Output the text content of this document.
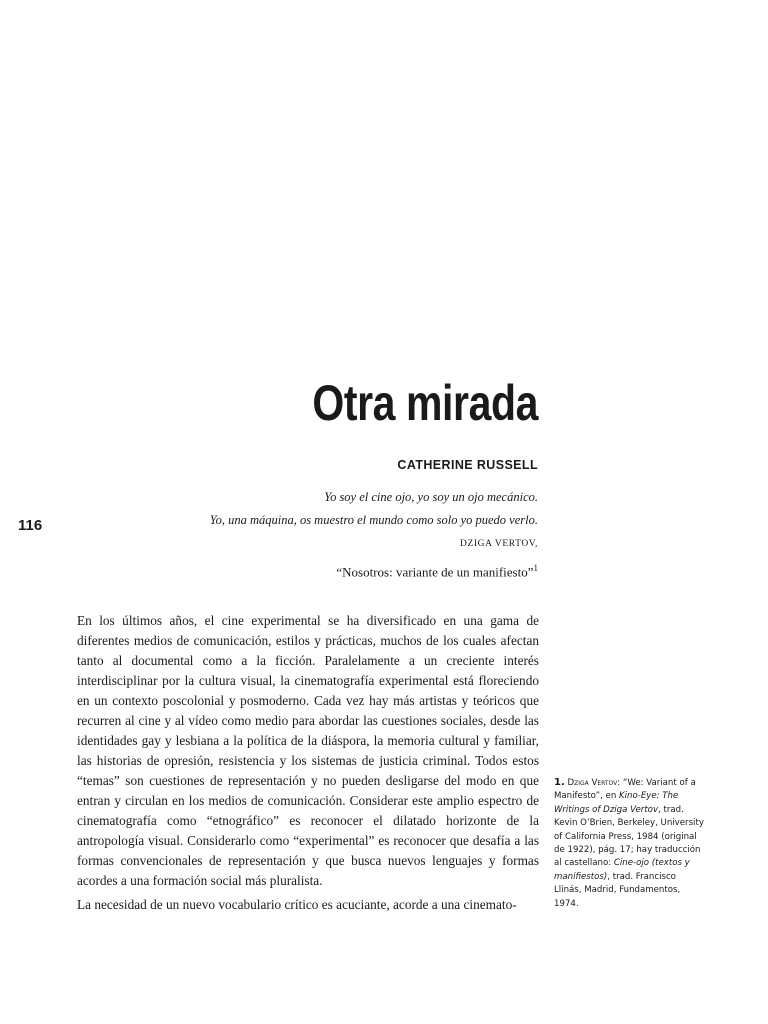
116
Otra mirada
CATHERINE RUSSELL
Yo soy el cine ojo, yo soy un ojo mecánico.
Yo, una máquina, os muestro el mundo como solo yo puedo verlo.
DZIGA VERTOV,
“Nosotros: variante de un manifiesto”$^1$

En los últimos años, el cine experimental se ha diversificado en una gama de diferentes medios de comunicación, estilos y prácticas, muchos de los cuales afectan tanto al documental como a la ficción. Paralelamente a un creciente interés interdisciplinar por la cultura visual, la cinematografía experimental está floreciendo en un contexto poscolonial y posmoderno. Cada vez hay más artistas y teóricos que recurren al cine y al vídeo como medio para abordar las cuestiones sociales, desde las identidades gay y lesbiana a la política de la diáspora, la memoria cultural y familiar, las historias de opresión, resistencia y los sistemas de justicia criminal. Todos estos “temas” son cuestiones de representación y no pueden desligarse del modo en que entran y circulan en los medios de comunicación. Considerar este amplio espectro de cinematografía como “etnográfico” es reconocer el dilatado horizonte de la antropología visual. Considerarlo como “experimental” es reconocer que desafía a las formas convencionales de representación y que busca nuevos lenguajes y formas acordes a una formación social más pluralista.

La necesidad de un nuevo vocabulario crítico es acuciante, acorde a una cinemato-

1. Dziga Vertov: “We: Variant of a Manifesto”, en Kino-Eye: The Writings of Dziga Vertov, trad. Kevin O’Brien, Berkeley, University of California Press, 1984 (original de 1922), pág. 17; hay traducción al castellano: Cine-ojo (textos y manifiestos), trad. Francisco Llinás, Madrid, Fundamentos, 1974.
